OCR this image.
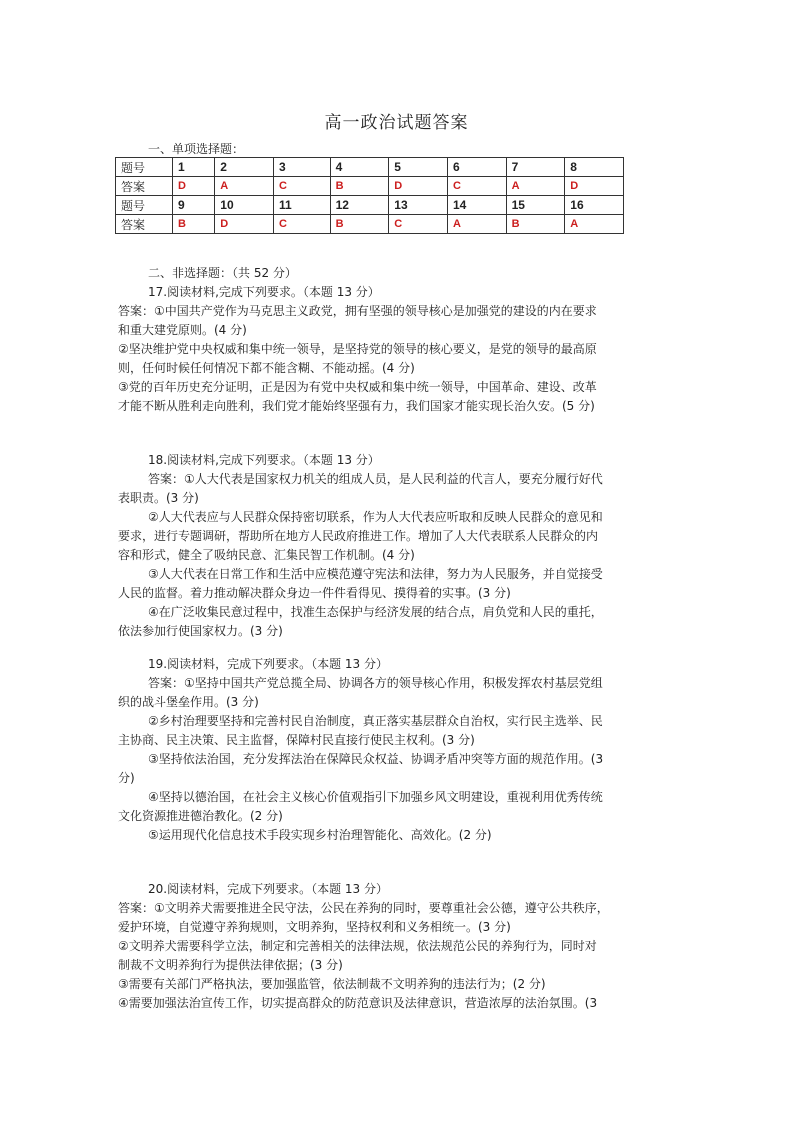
高一政治试题答案
一、单项选择题：
题号	1	2	3	4	5	6	7	8
答案	D	A	C	B	D	C	A	D
题号	9	10	11	12	13	14	15	16
答案	B	D	C	B	C	A	B	A
二、非选择题：（共 52 分）

17.阅读材料,完成下列要求。（本题 13 分）

答案：①中国共产党作为马克思主义政党，拥有坚强的领导核心是加强党的建设的内在要求

和重大建党原则。(4 分)

②坚决维护党中央权威和集中统一领导，是坚持党的领导的核心要义，是党的领导的最高原

则，任何时候任何情况下都不能含糊、不能动摇。(4 分)

③党的百年历史充分证明，正是因为有党中央权威和集中统一领导，中国革命、建设、改革

才能不断从胜利走向胜利，我们党才能始终坚强有力，我们国家才能实现长治久安。(5 分)

18.阅读材料,完成下列要求。（本题 13 分）

答案：①人大代表是国家权力机关的组成人员，是人民利益的代言人，要充分履行好代

表职责。(3 分)

②人大代表应与人民群众保持密切联系，作为人大代表应听取和反映人民群众的意见和

要求，进行专题调研，帮助所在地方人民政府推进工作。增加了人大代表联系人民群众的内

容和形式，健全了吸纳民意、汇集民智工作机制。(4 分)

③人大代表在日常工作和生活中应模范遵守宪法和法律，努力为人民服务，并自觉接受

人民的监督。着力推动解决群众身边一件件看得见、摸得着的实事。(3 分)

④在广泛收集民意过程中，找准生态保护与经济发展的结合点，肩负党和人民的重托，

依法参加行使国家权力。(3 分)

19.阅读材料，完成下列要求。（本题 13 分）

答案：①坚持中国共产党总揽全局、协调各方的领导核心作用，积极发挥农村基层党组

织的战斗堡垒作用。(3 分)

②乡村治理要坚持和完善村民自治制度，真正落实基层群众自治权，实行民主选举、民

主协商、民主决策、民主监督，保障村民直接行使民主权利。(3 分)

③坚持依法治国，充分发挥法治在保障民众权益、协调矛盾冲突等方面的规范作用。(3

分)

④坚持以德治国，在社会主义核心价值观指引下加强乡风文明建设，重视利用优秀传统

文化资源推进德治教化。(2 分)

⑤运用现代化信息技术手段实现乡村治理智能化、高效化。(2 分)

20.阅读材料，完成下列要求。（本题 13 分）

答案：①文明养犬需要推进全民守法，公民在养狗的同时，要尊重社会公德，遵守公共秩序，

爱护环境，自觉遵守养狗规则，文明养狗，坚持权利和义务相统一。(3 分)

②文明养犬需要科学立法，制定和完善相关的法律法规，依法规范公民的养狗行为，同时对

制裁不文明养狗行为提供法律依据；(3 分)

③需要有关部门严格执法，要加强监管，依法制裁不文明养狗的违法行为；(2 分)

④需要加强法治宣传工作，切实提高群众的防范意识及法律意识，营造浓厚的法治氛围。(3
